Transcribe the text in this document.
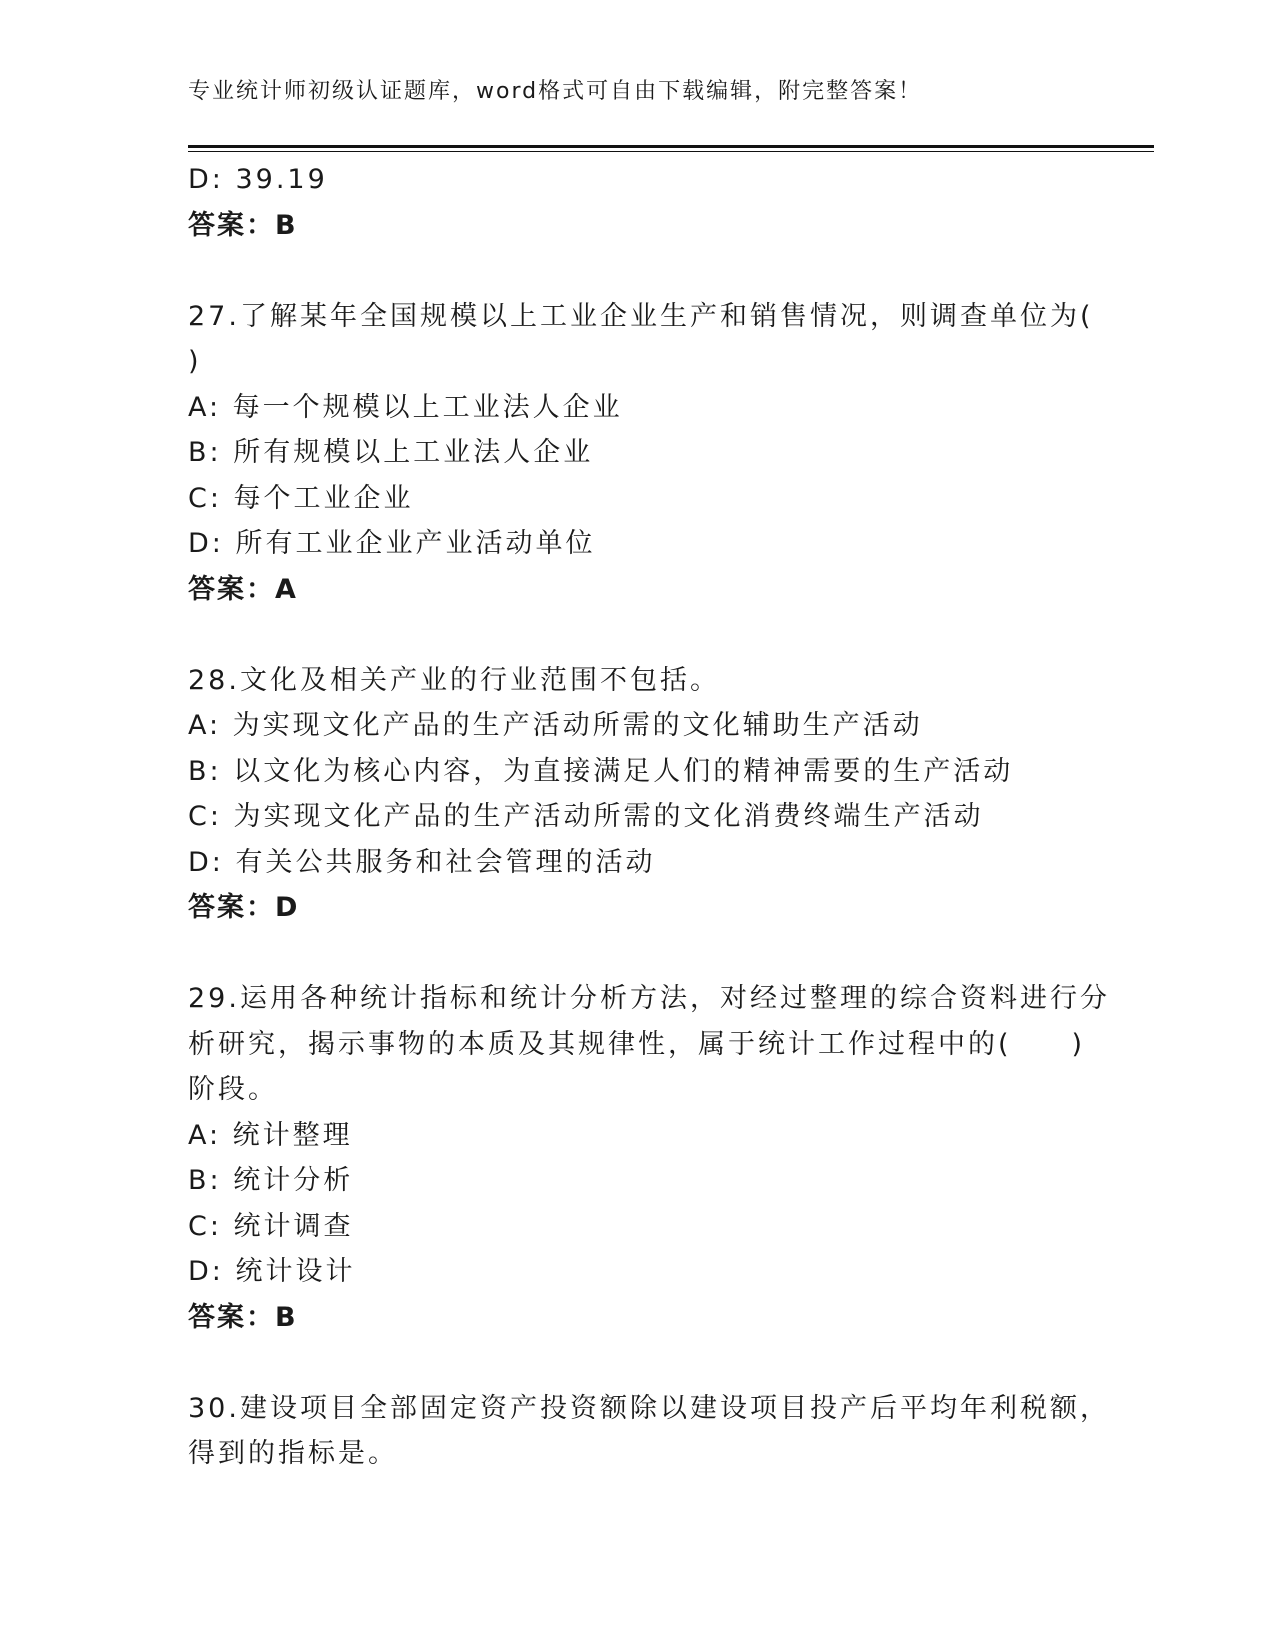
专业统计师初级认证题库，word格式可自由下载编辑，附完整答案！
D: 39.19
答案：B
27.了解某年全国规模以上工业企业生产和销售情况，则调查单位为(
)
A: 每一个规模以上工业法人企业
B: 所有规模以上工业法人企业
C: 每个工业企业
D: 所有工业企业产业活动单位
答案：A
28.文化及相关产业的行业范围不包括。
A: 为实现文化产品的生产活动所需的文化辅助生产活动
B: 以文化为核心内容，为直接满足人们的精神需要的生产活动
C: 为实现文化产品的生产活动所需的文化消费终端生产活动
D: 有关公共服务和社会管理的活动
答案：D
29.运用各种统计指标和统计分析方法，对经过整理的综合资料进行分
析研究，揭示事物的本质及其规律性，属于统计工作过程中的(　　)
阶段。
A: 统计整理
B: 统计分析
C: 统计调查
D: 统计设计
答案：B
30.建设项目全部固定资产投资额除以建设项目投产后平均年利税额，
得到的指标是。
